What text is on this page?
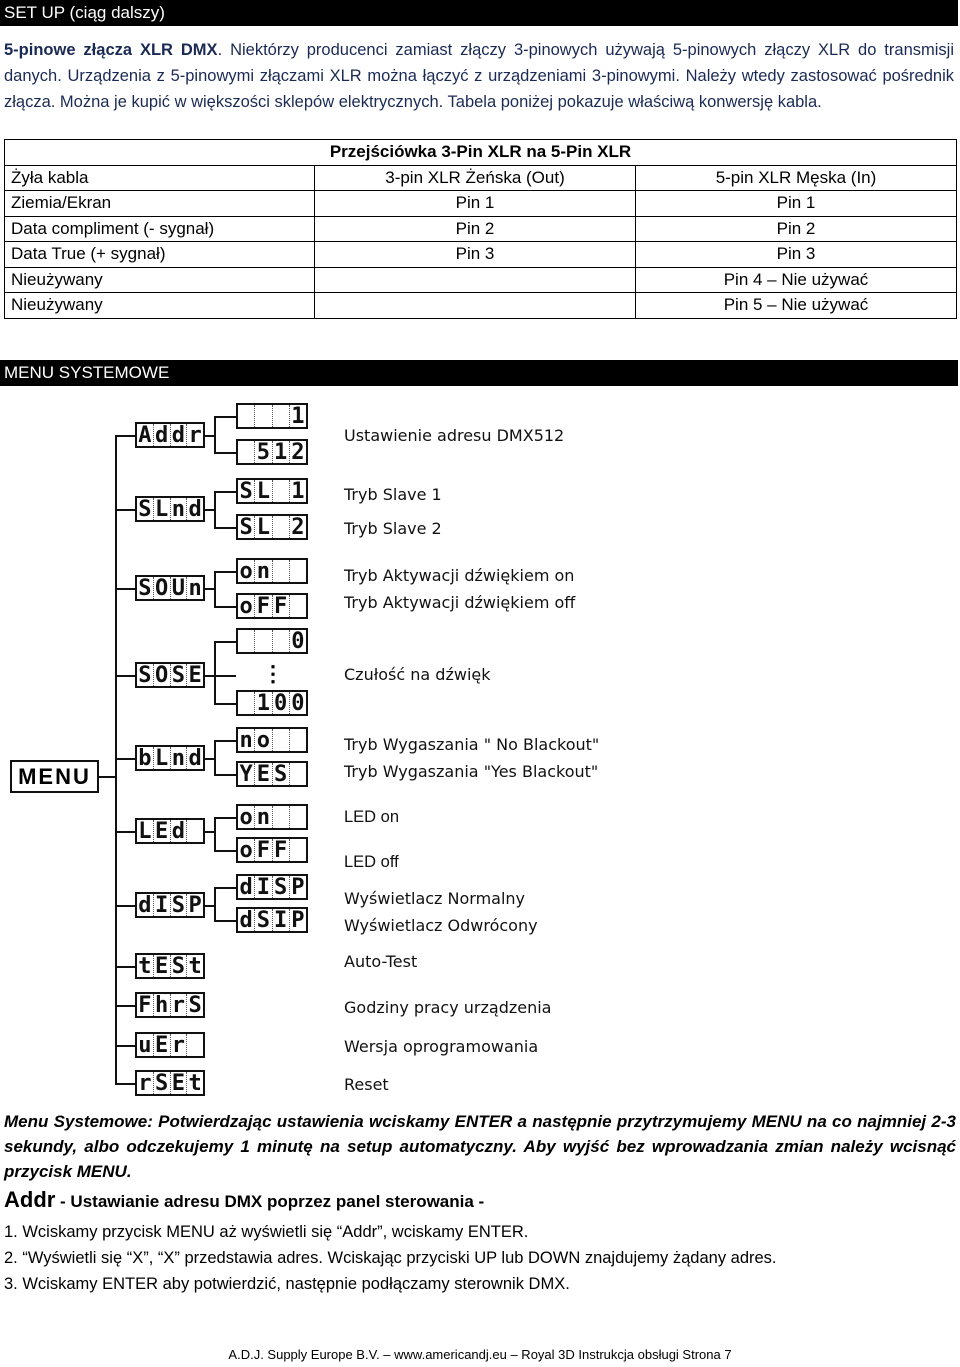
SET UP (ciąg dalszy)
5-pinowe złącza XLR DMX. Niektórzy producenci zamiast złączy 3-pinowych używają 5-pinowych złączy XLR do transmisji danych. Urządzenia z 5-pinowymi złączami XLR można łączyć z urządzeniami 3-pinowymi. Należy wtedy zastosować pośrednik złącza. Można je kupić w większości sklepów elektrycznych. Tabela poniżej pokazuje właściwą konwersję kabla.
Przejściówka 3-Pin XLR na 5-Pin XLR		
Żyła kabla	3-pin XLR Żeńska (Out)	5-pin XLR Męska (In)
Ziemia/Ekran	Pin 1	Pin 1
Data compliment (- sygnał)	Pin 2	Pin 2
Data True (+ sygnał)	Pin 3	Pin 3
Nieużywany		Pin 4 – Nie używać
Nieużywany		Pin 5 – Nie używać
MENU SYSTEMOWE
MENU
A d d r
1
5 1 2
S L n d
S L 1
S L 2
S O U n
o n
o F F
S O S E
0
⋮
1 0 0
b L n d
n o
Y E S
L E d
o n
o F F
d I S P
d I S P
d S I P
t E S t
F h r S
u E r
r S E t
Ustawienie adresu DMX512
Tryb Slave 1
Tryb Slave 2
Tryb Aktywacji dźwiękiem on
Tryb Aktywacji dźwiękiem off
Czułość na dźwięk
Tryb Wygaszania " No Blackout"
Tryb Wygaszania "Yes Blackout"
LED on
LED off
Wyświetlacz Normalny
Wyświetlacz Odwrócony
Auto-Test
Godziny pracy urządzenia
Wersja oprogramowania
Reset
Menu Systemowe: Potwierdzając ustawienia wciskamy ENTER a następnie przytrzymujemy MENU na co najmniej 2-3 sekundy, albo odczekujemy 1 minutę na setup automatyczny. Aby wyjść bez wprowadzania zmian należy wcisnąć przycisk MENU.
Addr - Ustawianie adresu DMX poprzez panel sterowania -
1. Wciskamy przycisk MENU aż wyświetli się “Addr”, wciskamy ENTER.
2. “Wyświetli się “X”, “X” przedstawia adres. Wciskając przyciski UP lub DOWN znajdujemy żądany adres.
3. Wciskamy ENTER aby potwierdzić, następnie podłączamy sterownik DMX.
A.D.J. Supply Europe B.V. – www.americandj.eu – Royal 3D Instrukcja obsługi Strona 7
